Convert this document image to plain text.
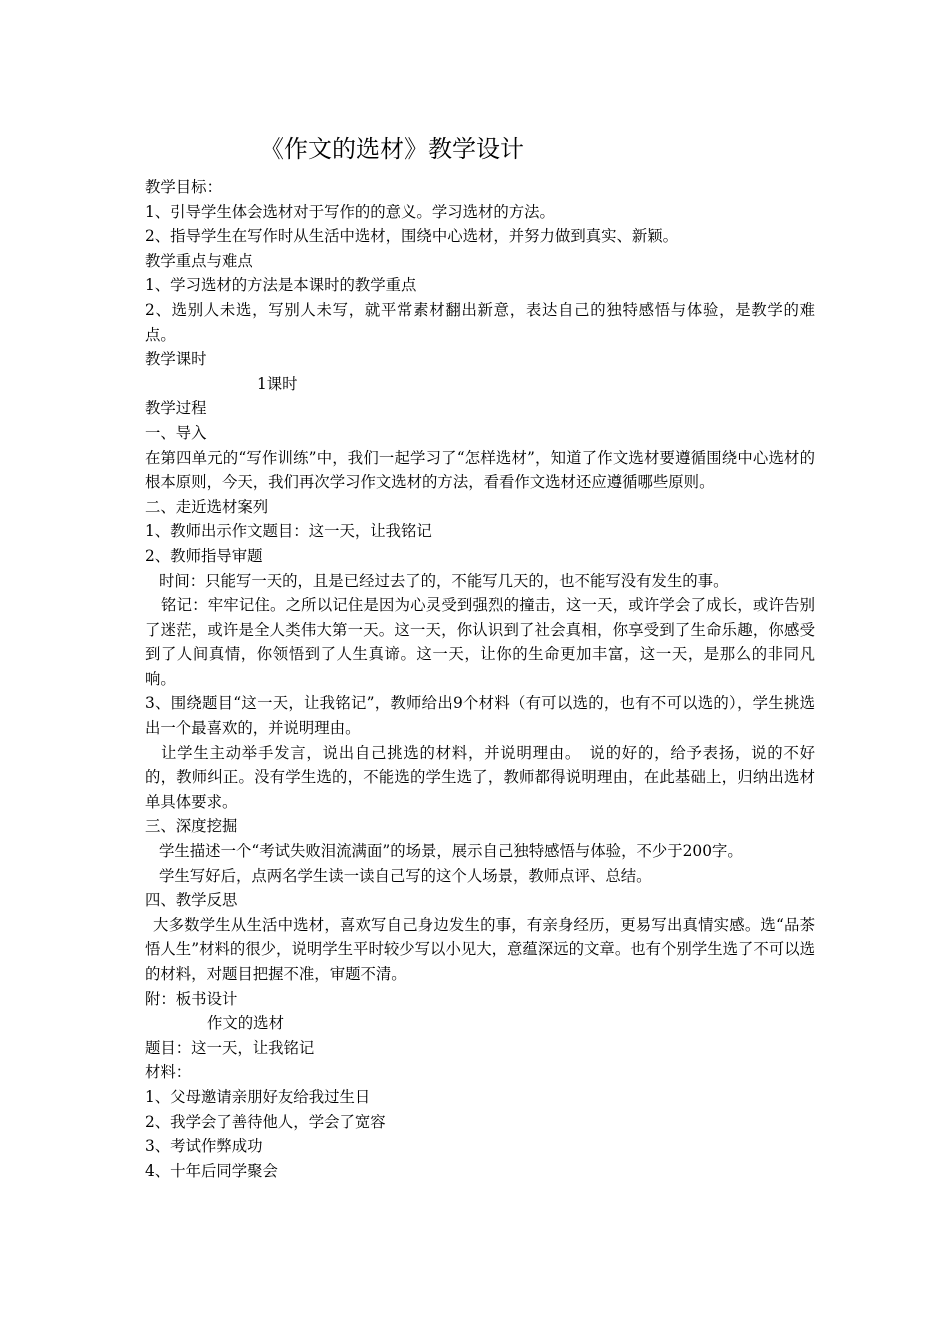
《作文的选材》教学设计

教学目标：

1、引导学生体会选材对于写作的的意义。学习选材的方法。

2、指导学生在写作时从生活中选材，围绕中心选材，并努力做到真实、新颖。

教学重点与难点

1、学习选材的方法是本课时的教学重点

2、选别人未选，写别人未写，就平常素材翻出新意，表达自己的独特感悟与体验，是教学的难点。

教学课时

1课时

教学过程

一、导入

在第四单元的“写作训练”中，我们一起学习了“怎样选材”，知道了作文选材要遵循围绕中心选材的根本原则，今天，我们再次学习作文选材的方法，看看作文选材还应遵循哪些原则。

二、走近选材案列

1、教师出示作文题目：这一天，让我铭记

2、教师指导审题

时间：只能写一天的，且是已经过去了的，不能写几天的，也不能写没有发生的事。

铭记：牢牢记住。之所以记住是因为心灵受到强烈的撞击，这一天，或许学会了成长，或许告别了迷茫，或许是全人类伟大第一天。这一天，你认识到了社会真相，你享受到了生命乐趣，你感受到了人间真情，你领悟到了人生真谛。这一天，让你的生命更加丰富，这一天，是那么的非同凡响。

3、围绕题目“这一天，让我铭记”，教师给出9个材料（有可以选的，也有不可以选的），学生挑选出一个最喜欢的，并说明理由。

让学生主动举手发言，说出自己挑选的材料，并说明理由。　说的好的，给予表扬，说的不好的，教师纠正。没有学生选的，不能选的学生选了，教师都得说明理由，在此基础上，归纳出选材单具体要求。

三、深度挖掘

学生描述一个“考试失败泪流满面”的场景，展示自己独特感悟与体验，不少于200字。

学生写好后，点两名学生读一读自己写的这个人场景，教师点评、总结。

四、教学反思

大多数学生从生活中选材，喜欢写自己身边发生的事，有亲身经历，更易写出真情实感。选“品茶悟人生”材料的很少，说明学生平时较少写以小见大，意蕴深远的文章。也有个别学生选了不可以选的材料，对题目把握不准，审题不清。

附：板书设计

作文的选材

题目：这一天，让我铭记

材料：

1、父母邀请亲朋好友给我过生日

2、我学会了善待他人，学会了宽容

3、考试作弊成功

4、十年后同学聚会
